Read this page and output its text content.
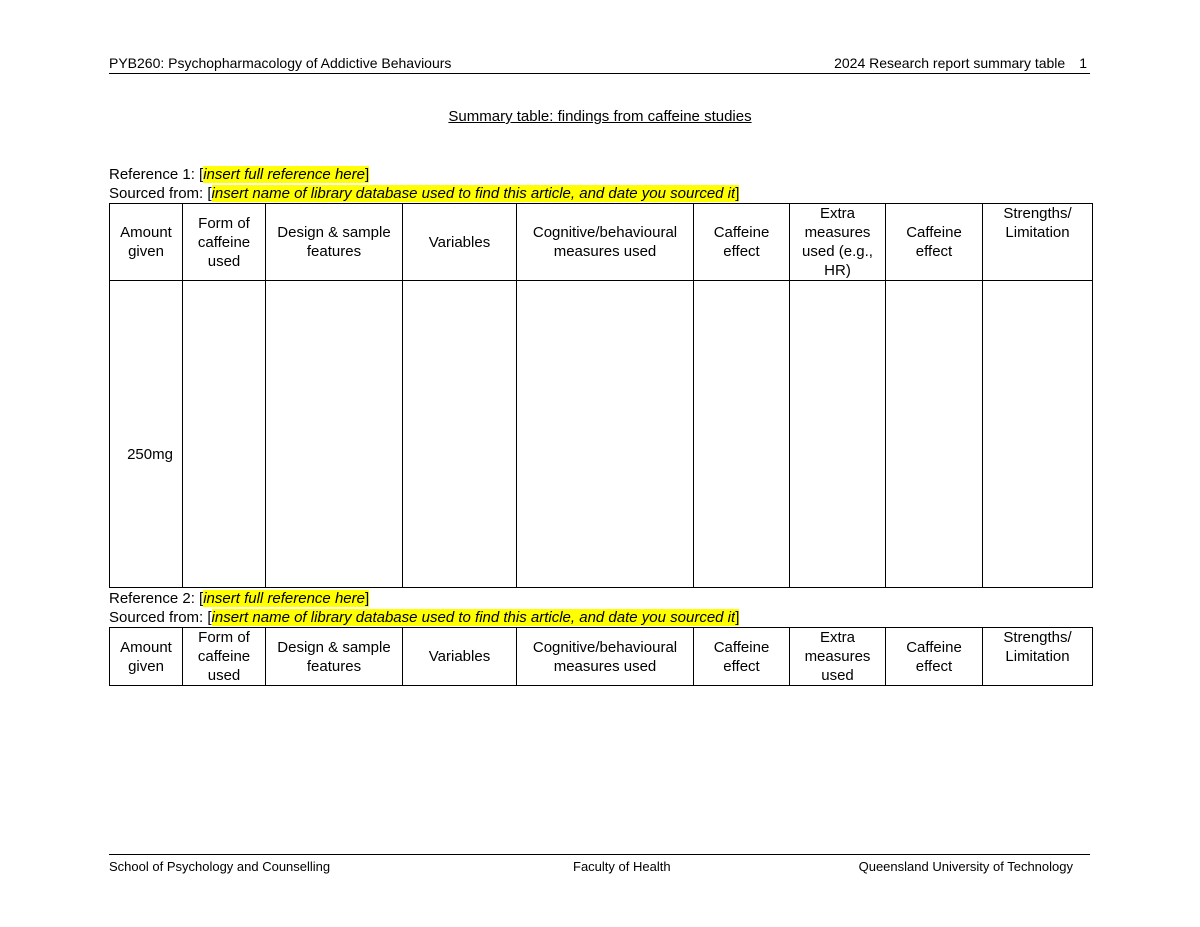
PYB260: Psychopharmacology of Addictive Behaviours	2024 Research report summary table 1
Summary table: findings from caffeine studies
Reference 1: [insert full reference here]
Sourced from: [insert name of library database used to find this article, and date you sourced it]
Amount given	Form of caffeine used	Design & sample features	Variables	Cognitive/behavioural measures used	Caffeine effect	Extra measures used (e.g., HR)	Caffeine effect	Strengths/ Limitation

250mg								

Reference 2: [insert full reference here]
Sourced from: [insert name of library database used to find this article, and date you sourced it]
Amount given	Form of caffeine used	Design & sample features	Variables	Cognitive/behavioural measures used	Caffeine effect	Extra measures used	Caffeine effect	Strengths/ Limitation
School of Psychology and Counselling	Faculty of Health	Queensland University of Technology
